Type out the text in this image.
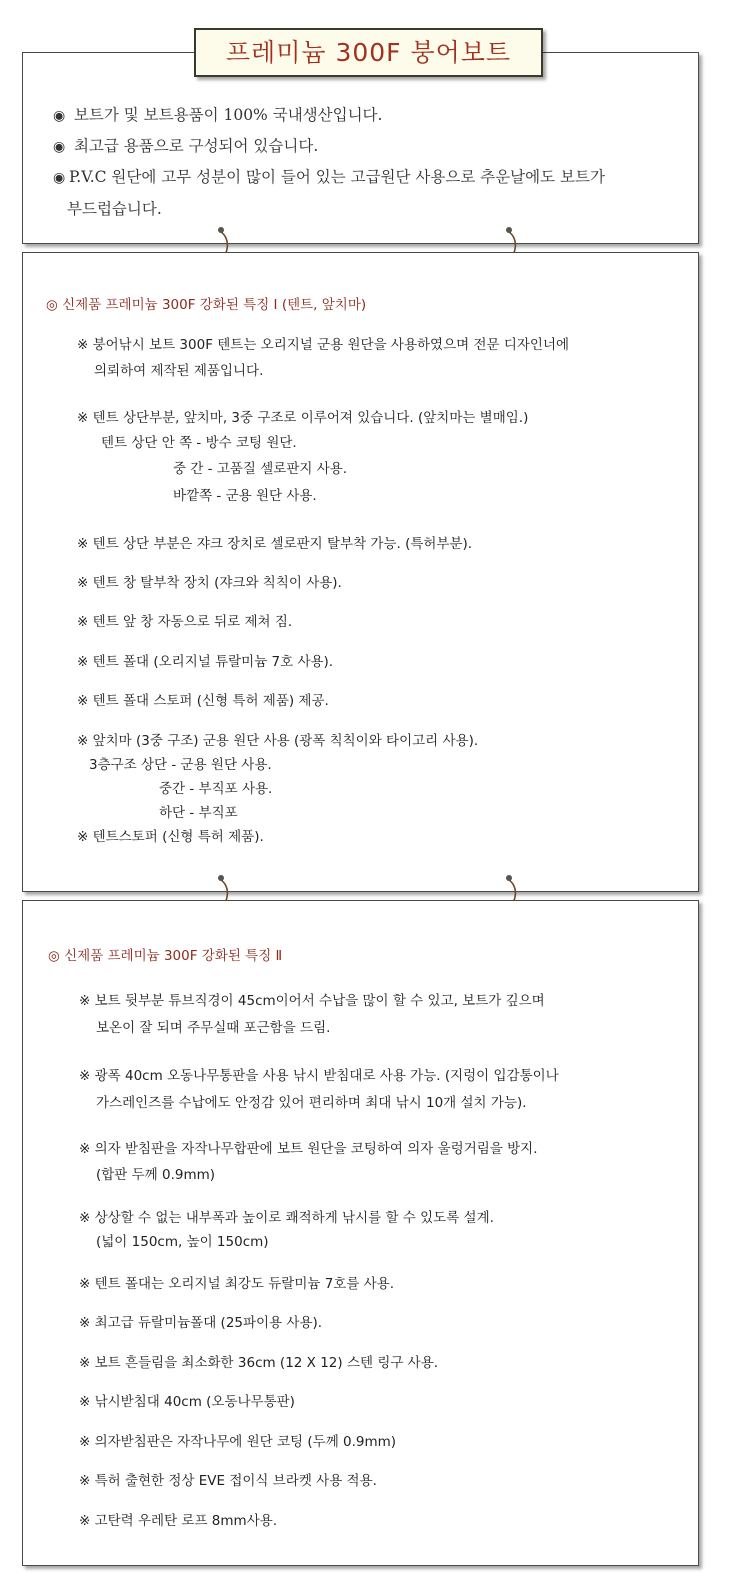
프레미늄 300F 붕어보트

◉ 보트가 및 보트용품이 100% 국내생산입니다.

◉ 최고급 용품으로 구성되어 있습니다.

◉ P.V.C 원단에 고무 성분이 많이 들어 있는 고급원단 사용으로 추운날에도 보트가
부드럽습니다.

◎ 신제품 프레미늄 300F 강화된 특징 I (텐트, 앞치마)

※ 붕어낚시 보트 300F 텐트는 오리지널 군용 원단을 사용하였으며 전문 디자인너에

의뢰하여 제작된 제품입니다.

※ 텐트 상단부분, 앞치마, 3중 구조로 이루어져 있습니다. (앞치마는 별매임.)

텐트 상단 안 쪽 - 방수 코팅 원단.

중 간 - 고품질 셀로판지 사용.

바깥쪽 - 군용 원단 사용.

※ 텐트 상단 부분은 쟈크 장치로 셀로판지 탈부착 가능. (특허부분).

※ 텐트 창 탈부착 장치 (쟈크와 칙칙이 사용).

※ 텐트 앞 창 자동으로 뒤로 제쳐 짐.

※ 텐트 폴대 (오리지널 튜랄미늄 7호 사용).

※ 텐트 폴대 스토퍼 (신형 특허 제품) 제공.

※ 앞치마 (3중 구조) 군용 원단 사용 (광폭 칙칙이와 타이고리 사용).

3층구조 상단 - 군용 원단 사용.

중간 - 부직포 사용.

하단 - 부직포

※ 텐트스토퍼 (신형 특허 제품).

◎ 신제품 프레미늄 300F 강화된 특징 Ⅱ

※ 보트 뒷부분 튜브직경이 45cm이어서 수납을 많이 할 수 있고, 보트가 깊으며

보온이 잘 되며 주무실때 포근함을 드림.

※ 광폭 40cm 오동나무통판을 사용 낚시 받침대로 사용 가능. (지렁이 입감통이나

가스레인즈를 수납에도 안정감 있어 편리하며 최대 낚시 10개 설치 가능).

※ 의자 받침판을 자작나무합판에 보트 원단을 코팅하여 의자 울렁거림을 방지.

(합판 두께 0.9mm)

※ 상상할 수 없는 내부폭과 높이로 쾌적하게 낚시를 할 수 있도록 설계.

(넓이 150cm, 높이 150cm)

※ 텐트 폴대는 오리지널 최강도 듀랄미늄 7호를 사용.

※ 최고급 듀랄미늄폴대 (25파이용 사용).

※ 보트 흔들림을 최소화한 36cm (12 X 12) 스텐 링구 사용.

※ 낚시받침대 40cm (오동나무통판)

※ 의자받침판은 자작나무에 원단 코팅 (두께 0.9mm)

※ 특허 출현한 정상 EVE 접이식 브라켓 사용 적용.

※ 고탄력 우레탄 로프 8mm사용.
